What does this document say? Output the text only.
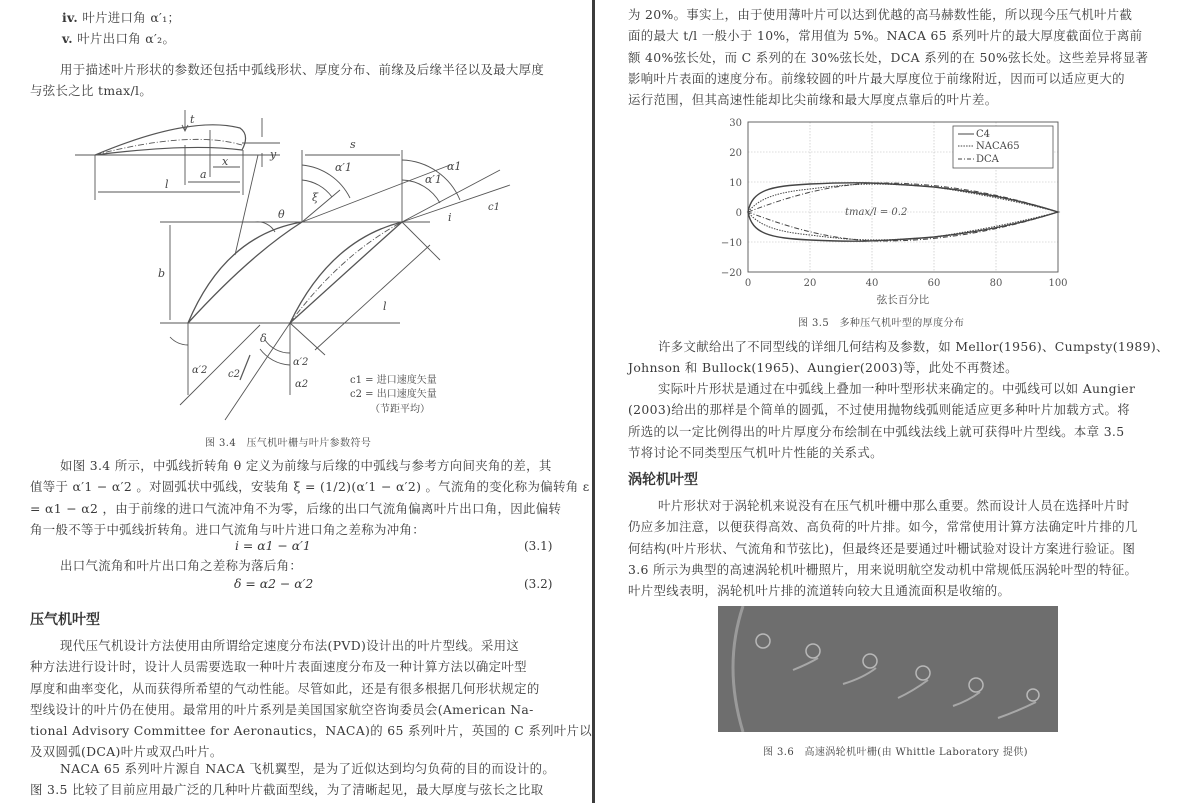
iv. 叶片进口角 α′₁；
v. 叶片出口角 α′₂。
用于描述叶片形状的参数还包括中弧线形状、厚度分布、前缘及后缘半径以及最大厚度
与弦长之比 tmax/l。
t
y
x
a
l
s
α′1
ξ
α1
α′1
c1
i
θ
b
l
δ
α′2
α′2
α2
c2
c1 = 进口速度矢量
c2 = 出口速度矢量
（节距平均）
图 3.4　压气机叶栅与叶片参数符号
如图 3.4 所示，中弧线折转角 θ 定义为前缘与后缘的中弧线与参考方向间夹角的差，其
值等于 α′1 − α′2 。对圆弧状中弧线，安装角 ξ = (1/2)(α′1 − α′2) 。气流角的变化称为偏转角 ε
= α1 − α2 ，由于前缘的进口气流冲角不为零，后缘的出口气流角偏离叶片出口角，因此偏转
角一般不等于中弧线折转角。进口气流角与叶片进口角之差称为冲角：
i = α1 − α′1	(3.1)
出口气流角和叶片出口角之差称为落后角：
δ = α2 − α′2	(3.2)
压气机叶型
现代压气机设计方法使用由所谓给定速度分布法(PVD)设计出的叶片型线。采用这
种方法进行设计时，设计人员需要选取一种叶片表面速度分布及一种计算方法以确定叶型
厚度和曲率变化，从而获得所希望的气动性能。尽管如此，还是有很多根据几何形状规定的
型线设计的叶片仍在使用。最常用的叶片系列是美国国家航空咨询委员会(American Na-
tional Advisory Committee for Aeronautics，NACA)的 65 系列叶片，英国的 C 系列叶片以
及双圆弧(DCA)叶片或双凸叶片。
NACA 65 系列叶片源自 NACA 飞机翼型，是为了近似达到均匀负荷的目的而设计的。
图 3.5 比较了目前应用最广泛的几种叶片截面型线，为了清晰起见，最大厚度与弦长之比取
为 20%。事实上，由于使用薄叶片可以达到优越的高马赫数性能，所以现今压气机叶片截
面的最大 t/l 一般小于 10%，常用值为 5%。NACA 65 系列叶片的最大厚度截面位于离前
额 40%弦长处，而 C 系列的在 30%弦长处，DCA 系列的在 50%弦长处。这些差异将显著
影响叶片表面的速度分布。前缘较圆的叶片最大厚度位于前缘附近，因而可以适应更大的
运行范围，但其高速性能却比尖前缘和最大厚度点靠后的叶片差。
30
20
10
0
−10
−20
0	20	40	60	80	100
C4
NACA65
DCA
tmax/l = 0.2
弦长百分比
图 3.5　多种压气机叶型的厚度分布
许多文献给出了不同型线的详细几何结构及参数，如 Mellor(1956)、Cumpsty(1989)、
Johnson 和 Bullock(1965)、Aungier(2003)等，此处不再赘述。
实际叶片形状是通过在中弧线上叠加一种叶型形状来确定的。中弧线可以如 Aungier
(2003)给出的那样是个简单的圆弧，不过使用抛物线弧则能适应更多种叶片加载方式。将
所选的以一定比例得出的叶片厚度分布绘制在中弧线法线上就可获得叶片型线。本章 3.5
节将讨论不同类型压气机叶片性能的关系式。
涡轮机叶型
叶片形状对于涡轮机来说没有在压气机叶栅中那么重要。然而设计人员在选择叶片时
仍应多加注意，以便获得高效、高负荷的叶片排。如今，常常使用计算方法确定叶片排的几
何结构(叶片形状、气流角和节弦比)，但最终还是要通过叶栅试验对设计方案进行验证。图
3.6 所示为典型的高速涡轮机叶栅照片，用来说明航空发动机中常规低压涡轮叶型的特征。
叶片型线表明，涡轮机叶片排的流道转向较大且通流面积是收缩的。
图 3.6　高速涡轮机叶栅(由 Whittle Laboratory 提供)
